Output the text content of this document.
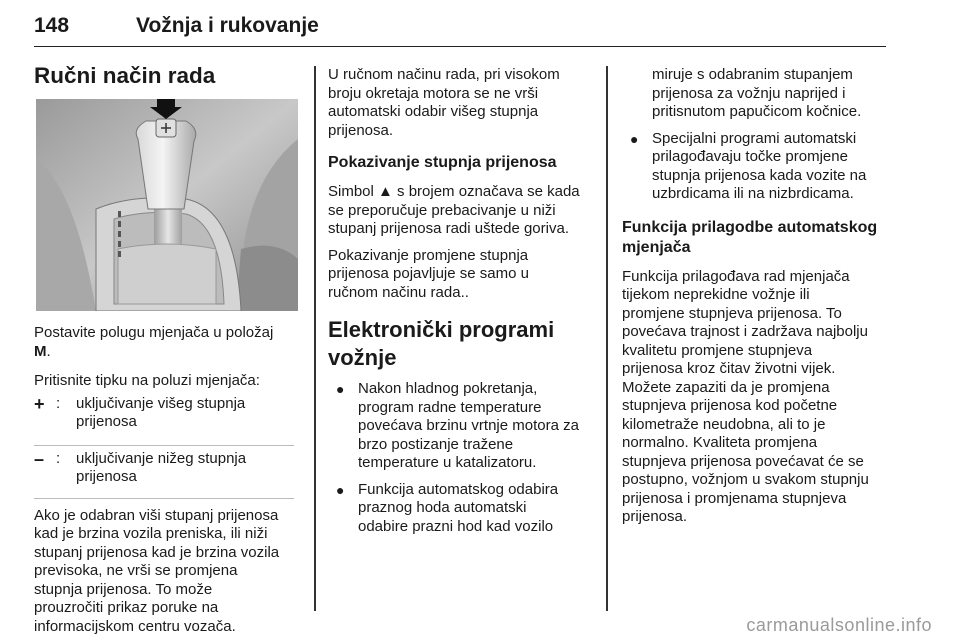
148	Vožnja i rukovanje
Ručni način rada

Postavite polugu mjenjača u položaj
M.

Pritisnite tipku na poluzi mjenjača:

+ : uključivanje višeg stupnja
prijenosa
– : uključivanje nižeg stupnja
prijenosa

Ako je odabran viši stupanj prijenosa
kad je brzina vozila preniska, ili niži
stupanj prijenosa kad je brzina vozila
previsoka, ne vrši se promjena
stupnja prijenosa. To može
prouzročiti prikaz poruke na
informacijskom centru vozača.

U ručnom načinu rada, pri visokom
broju okretaja motora se ne vrši
automatski odabir višeg stupnja
prijenosa.

Pokazivanje stupnja prijenosa

Simbol ▲ s brojem označava se kada
se preporučuje prebacivanje u niži
stupanj prijenosa radi uštede goriva.

Pokazivanje promjene stupnja
prijenosa pojavljuje se samo u
ručnom načinu rada..

Elektronički programi
vožnje
● Nakon hladnog pokretanja,
program radne temperature
povećava brzinu vrtnje motora za
brzo postizanje tražene
temperature u katalizatoru.
● Funkcija automatskog odabira
praznog hoda automatski
odabire prazni hod kad vozilo
miruje s odabranim stupanjem
prijenosa za vožnju naprijed i
pritisnutom papučicom kočnice.
● Specijalni programi automatski
prilagođavaju točke promjene
stupnja prijenosa kada vozite na
uzbrdicama ili na nizbrdicama.
Funkcija prilagodbe automatskog
mjenjača

Funkcija prilagođava rad mjenjača
tijekom neprekidne vožnje ili
promjene stupnjeva prijenosa. To
povećava trajnost i zadržava najbolju
kvalitetu promjene stupnjeva
prijenosa kroz čitav životni vijek.
Možete zapaziti da je promjena
stupnjeva prijenosa kod početne
kilometraže neudobna, ali to je
normalno. Kvaliteta promjena
stupnjeva prijenosa povećavat će se
postupno, vožnjom u svakom stupnju
prijenosa i promjenama stupnjeva
prijenosa.

carmanualsonline.info
